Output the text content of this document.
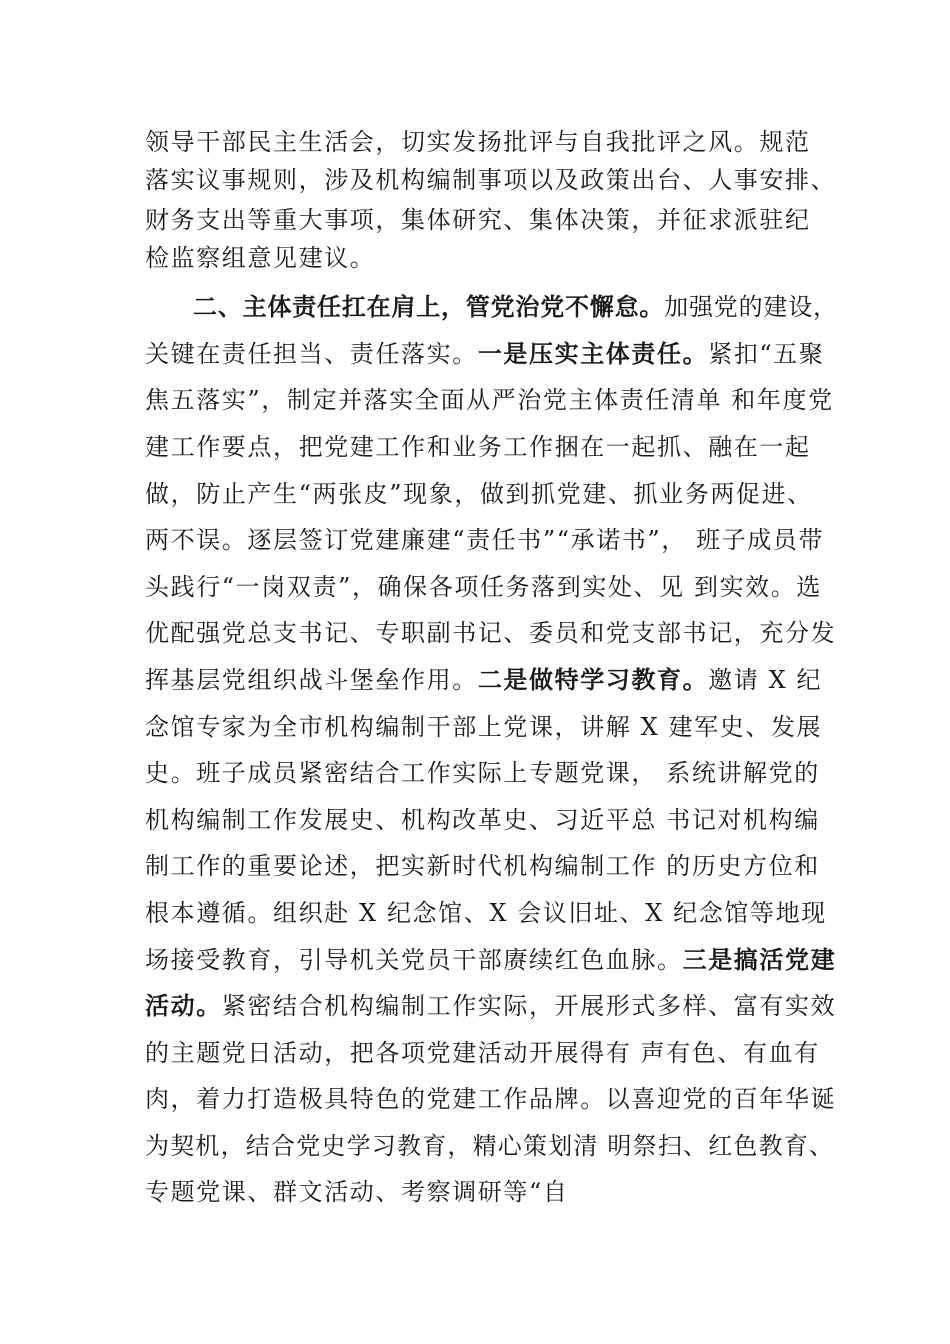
领导干部民主生活会，切实发扬批评与自我批评之风。规范
落实议事规则，涉及机构编制事项以及政策出台、人事安排、
财务支出等重大事项，集体研究、集体决策，并征求派驻纪
检监察组意见建议。
二、主体责任扛在肩上，管党治党不懈怠。加强党的建设，
关键在责任担当、责任落实。一是压实主体责任。紧扣“五聚
焦五落实”，制定并落实全面从严治党主体责任清单 和年度党
建工作要点，把党建工作和业务工作捆在一起抓、融在一起
做，防止产生“两张皮”现象，做到抓党建、抓业务两促进、
两不误。逐层签订党建廉建“责任书”“承诺书”， 班子成员带
头践行“一岗双责”，确保各项任务落到实处、见 到实效。选
优配强党总支书记、专职副书记、委员和党支部书记，充分发
挥基层党组织战斗堡垒作用。二是做特学习教育。邀请 X 纪
念馆专家为全市机构编制干部上党课，讲解 X 建军史、发展
史。班子成员紧密结合工作实际上专题党课， 系统讲解党的
机构编制工作发展史、机构改革史、习近平总 书记对机构编
制工作的重要论述，把实新时代机构编制工作 的历史方位和
根本遵循。组织赴 X 纪念馆、X 会议旧址、X 纪念馆等地现
场接受教育，引导机关党员干部赓续红色血脉。三是搞活党建
活动。紧密结合机构编制工作实际，开展形式多样、富有实效
的主题党日活动，把各项党建活动开展得有 声有色、有血有
肉，着力打造极具特色的党建工作品牌。以喜迎党的百年华诞
为契机，结合党史学习教育，精心策划清 明祭扫、红色教育、
专题党课、群文活动、考察调研等“自
